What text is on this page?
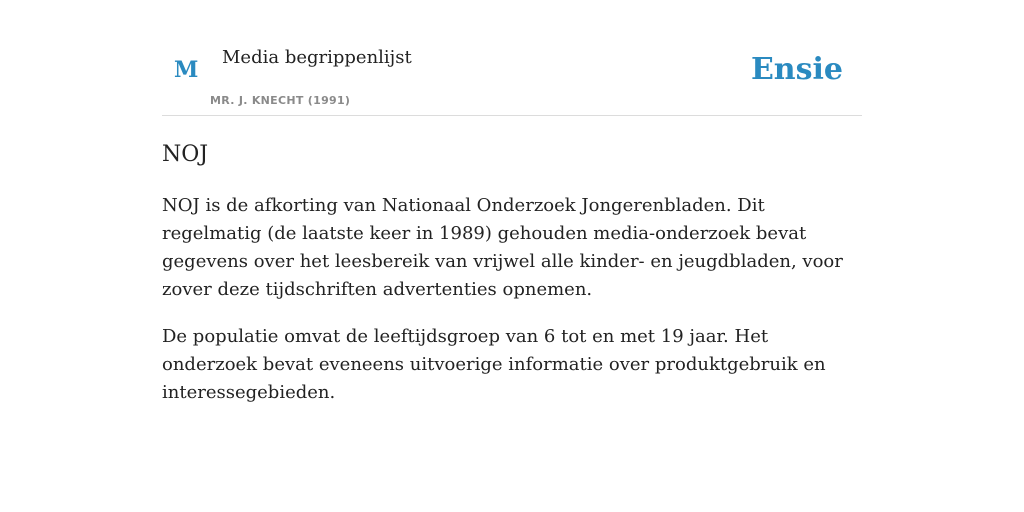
M Media begrippenlijst
MR. J. KNECHT (1991)
Ensie
NOJ

NOJ is de afkorting van Nationaal Onderzoek Jongerenbladen. Dit regelmatig (de laatste keer in 1989) gehouden media-onderzoek bevat gegevens over het leesbereik van vrijwel alle kinder- en jeugdbladen, voor zover deze tijdschriften advertenties opnemen.

De populatie omvat de leeftijdsgroep van 6 tot en met 19 jaar. Het onderzoek bevat eveneens uitvoerige informatie over produktgebruik en interessegebieden.
